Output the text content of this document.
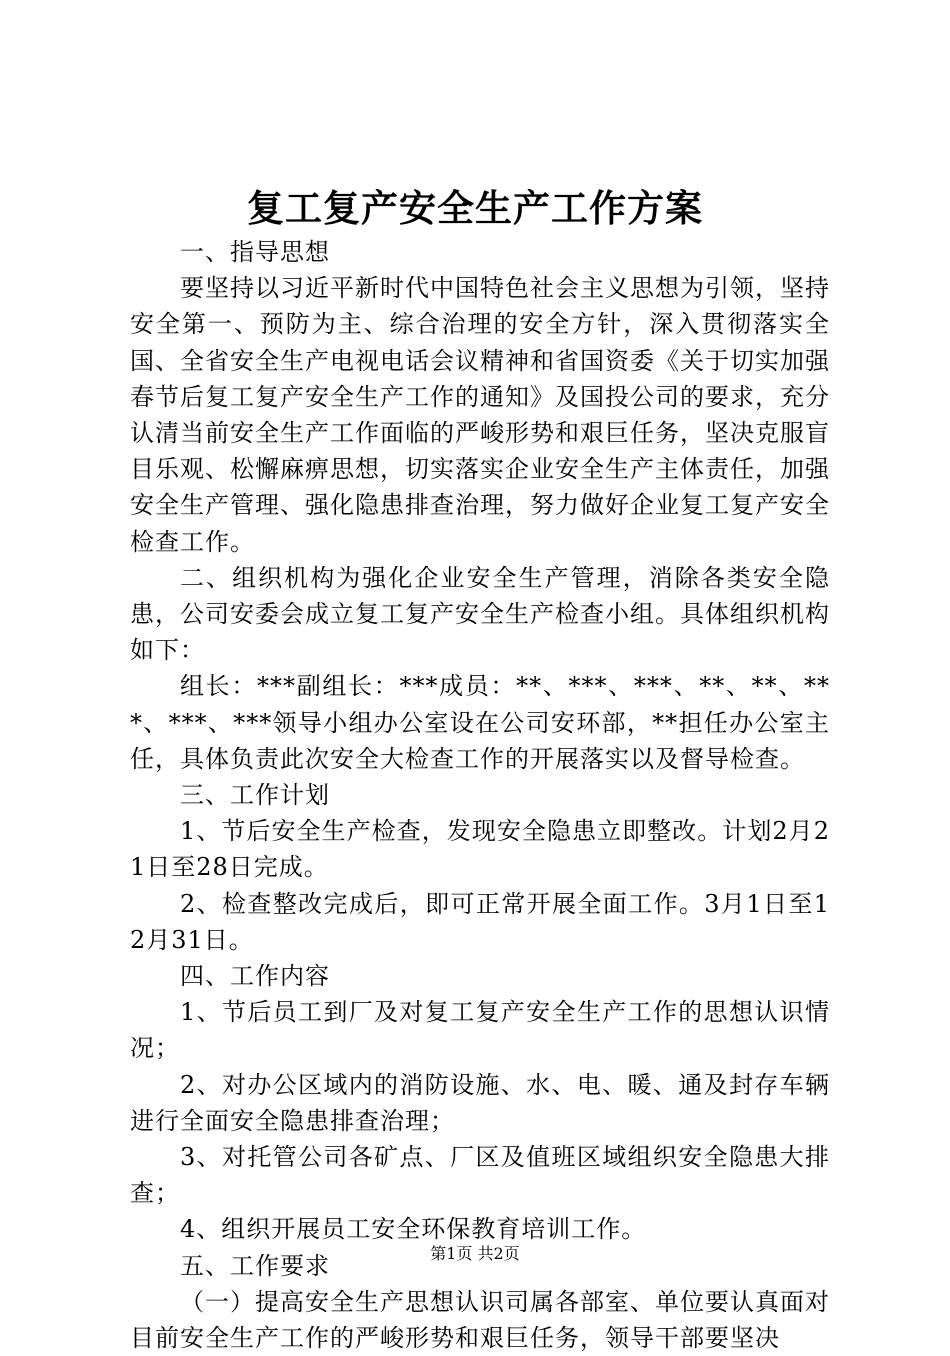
复工复产安全生产工作方案

一、指导思想

要坚持以习近平新时代中国特色社会主义思想为引领，坚持安全第一、预防为主、综合治理的安全方针，深入贯彻落实全国、全省安全生产电视电话会议精神和省国资委《关于切实加强春节后复工复产安全生产工作的通知》及国投公司的要求，充分认清当前安全生产工作面临的严峻形势和艰巨任务，坚决克服盲目乐观、松懈麻痹思想，切实落实企业安全生产主体责任，加强安全生产管理、强化隐患排查治理，努力做好企业复工复产安全检查工作。

二、组织机构为强化企业安全生产管理，消除各类安全隐患，公司安委会成立复工复产安全生产检查小组。具体组织机构如下：

组长：***副组长：***成员：**、***、***、**、**、***、***、***领导小组办公室设在公司安环部，**担任办公室主任，具体负责此次安全大检查工作的开展落实以及督导检查。

三、工作计划

1、节后安全生产检查，发现安全隐患立即整改。计划2月21日至28日完成。

2、检查整改完成后，即可正常开展全面工作。3月1日至12月31日。

四、工作内容

1、节后员工到厂及对复工复产安全生产工作的思想认识情况；

2、对办公区域内的消防设施、水、电、暖、通及封存车辆进行全面安全隐患排查治理；

3、对托管公司各矿点、厂区及值班区域组织安全隐患大排查；

4、组织开展员工安全环保教育培训工作。

五、工作要求

（一）提高安全生产思想认识司属各部室、单位要认真面对目前安全生产工作的严峻形势和艰巨任务，领导干部要坚决

第1页 共2页
